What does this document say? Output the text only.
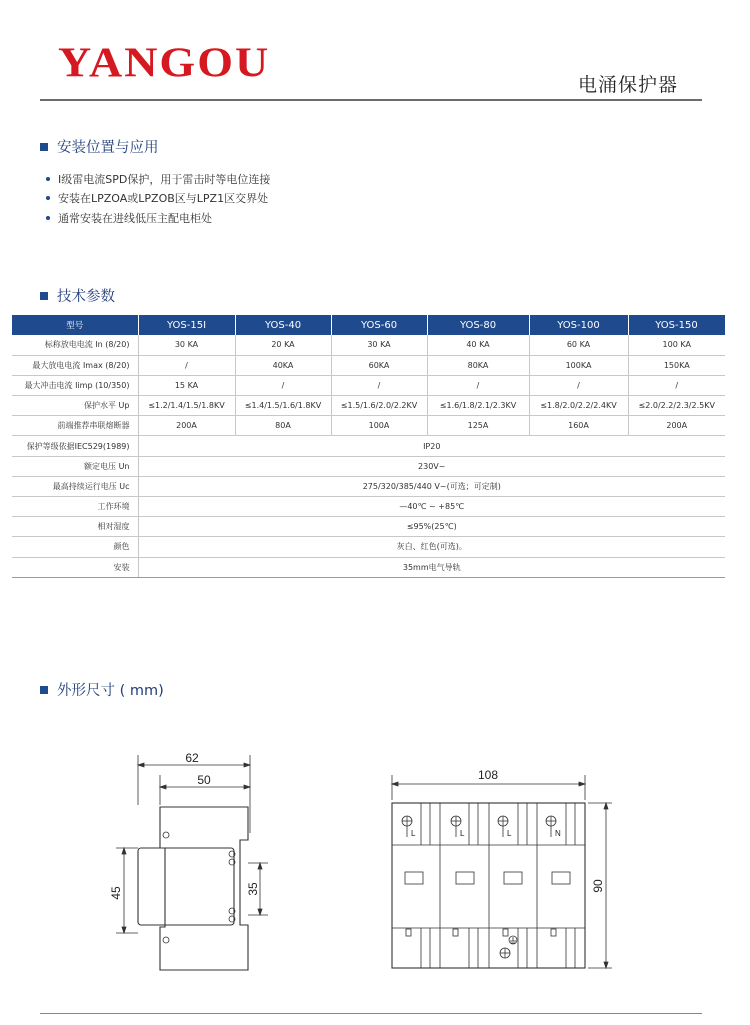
YANGOU	电涌保护器
安装位置与应用
I级雷电流SPD保护，用于雷击时等电位连接
安装在LPZOA或LPZOB区与LPZ1区交界处
通常安装在进线低压主配电柜处
技术参数
型号	YOS-15I	YOS-40	YOS-60	YOS-80	YOS-100	YOS-150
标称放电电流 In (8/20)	30 KA	20 KA	30 KA	40 KA	60 KA	100 KA
最大放电电流 Imax (8/20)	/	40KA	60KA	80KA	100KA	150KA
最大冲击电流 Iimp (10/350)	15 KA	/	/	/	/	/
保护水平 Up	≤1.2/1.4/1.5/1.8KV	≤1.4/1.5/1.6/1.8KV	≤1.5/1.6/2.0/2.2KV	≤1.6/1.8/2.1/2.3KV	≤1.8/2.0/2.2/2.4KV	≤2.0/2.2/2.3/2.5KV
前端推荐串联熔断器	200A	80A	100A	125A	160A	200A
保护等级依据IEC529(1989)	IP20					
额定电压 Un	230V~					
最高持续运行电压 Uc	275/320/385/440 V~(可选；可定制)					
工作环境	—40℃ ~ +85℃					
相对湿度	≤95%(25℃)					
颜色	灰白、红色(可选)。					
安装	35mm电气导轨					
外形尺寸 ( mm)
62
50
45	35
108
90
L	L	L	N
